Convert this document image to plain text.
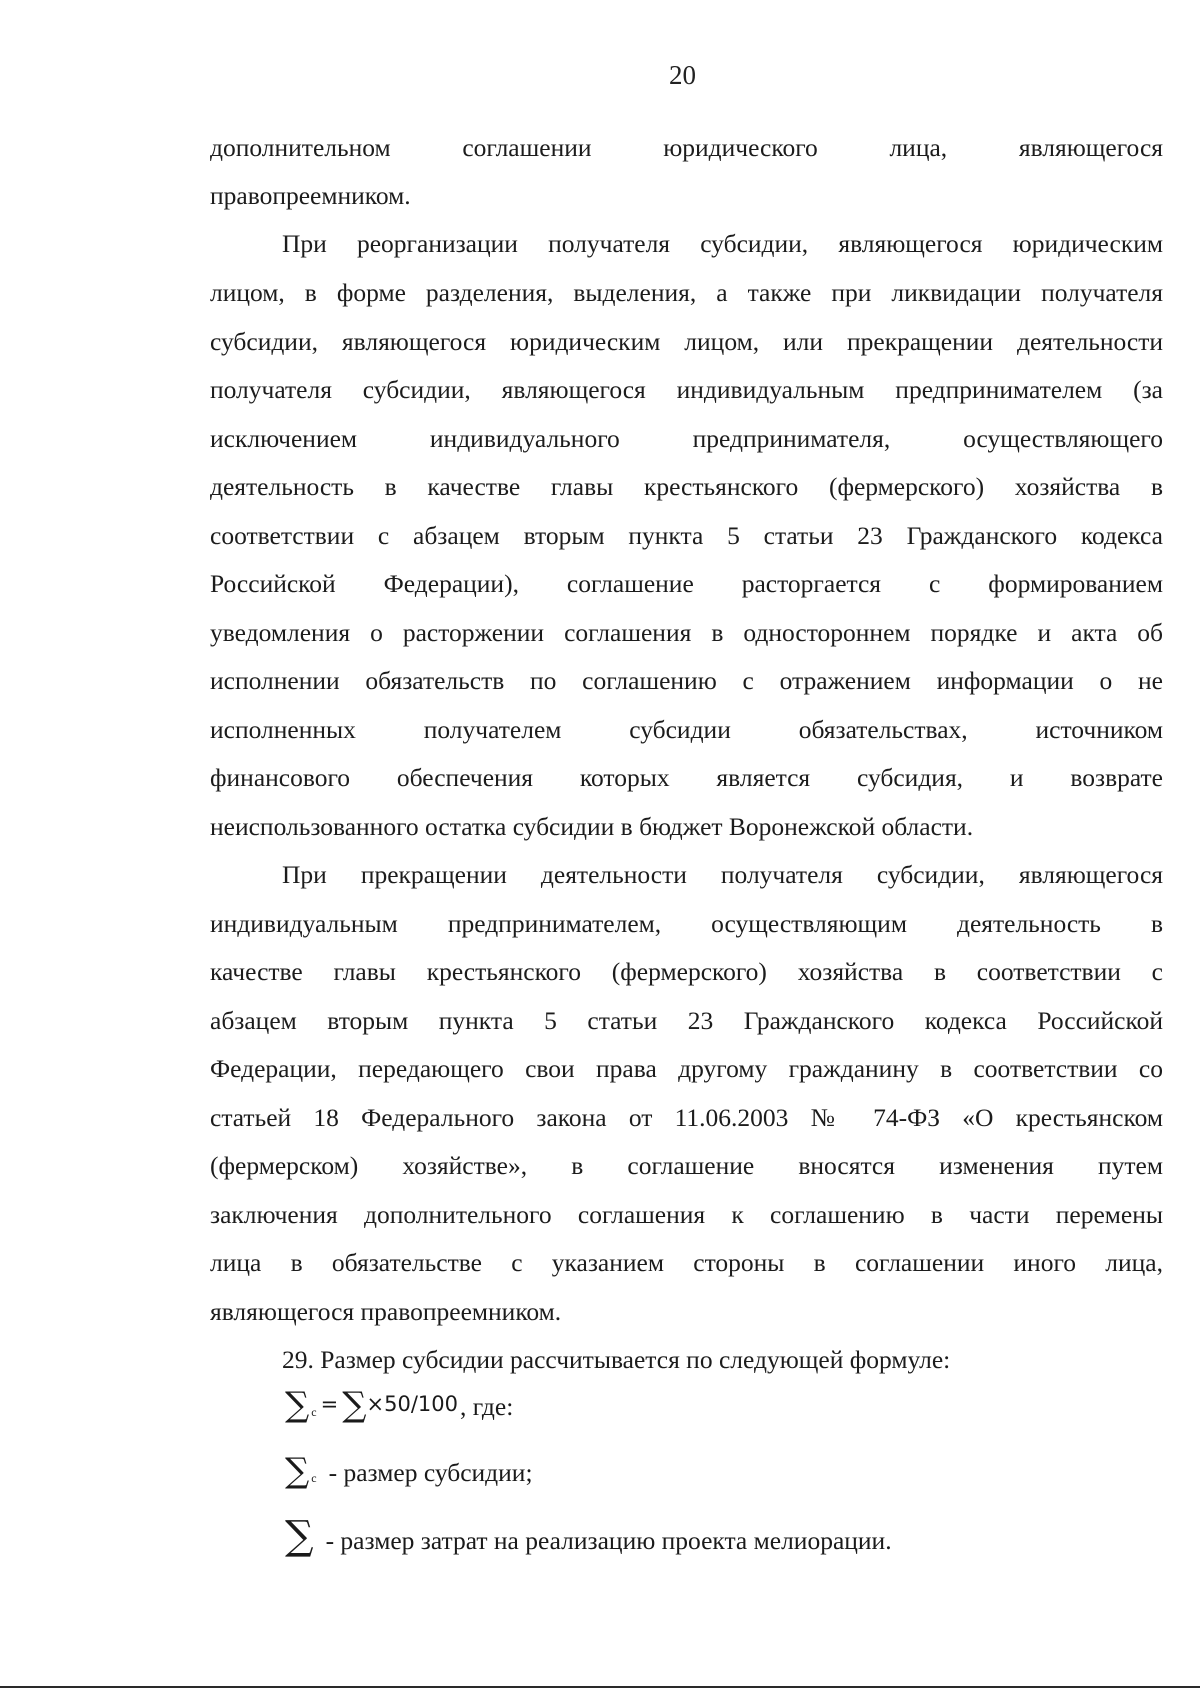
20
дополнительном соглашении юридического лица, являющегося
правопреемником.
При реорганизации получателя субсидии, являющегося юридическим
лицом, в форме разделения, выделения, а также при ликвидации получателя
субсидии, являющегося юридическим лицом, или прекращении деятельности
получателя субсидии, являющегося индивидуальным предпринимателем (за
исключением индивидуального предпринимателя, осуществляющего
деятельность в качестве главы крестьянского (фермерского) хозяйства в
соответствии с абзацем вторым пункта 5 статьи 23 Гражданского кодекса
Российской Федерации), соглашение расторгается с формированием
уведомления о расторжении соглашения в одностороннем порядке и акта об
исполнении обязательств по соглашению с отражением информации о не
исполненных получателем субсидии обязательствах, источником
финансового обеспечения которых является субсидия, и возврате
неиспользованного остатка субсидии в бюджет Воронежской области.
При прекращении деятельности получателя субсидии, являющегося
индивидуальным предпринимателем, осуществляющим деятельность в
качестве главы крестьянского (фермерского) хозяйства в соответствии с
абзацем вторым пункта 5 статьи 23 Гражданского кодекса Российской
Федерации, передающего свои права другому гражданину в соответствии со
статьей 18 Федерального закона от 11.06.2003 № 74-ФЗ «О крестьянском
(фермерском) хозяйстве», в соглашение вносятся изменения путем
заключения дополнительного соглашения к соглашению в части перемены
лица в обязательстве с указанием стороны в соглашении иного лица,
являющегося правопреемником.
29. Размер субсидии рассчитывается по следующей формуле:
∑ c = ∑ ×50/100 , где:
∑ c - размер субсидии;
∑ - размер затрат на реализацию проекта мелиорации.
